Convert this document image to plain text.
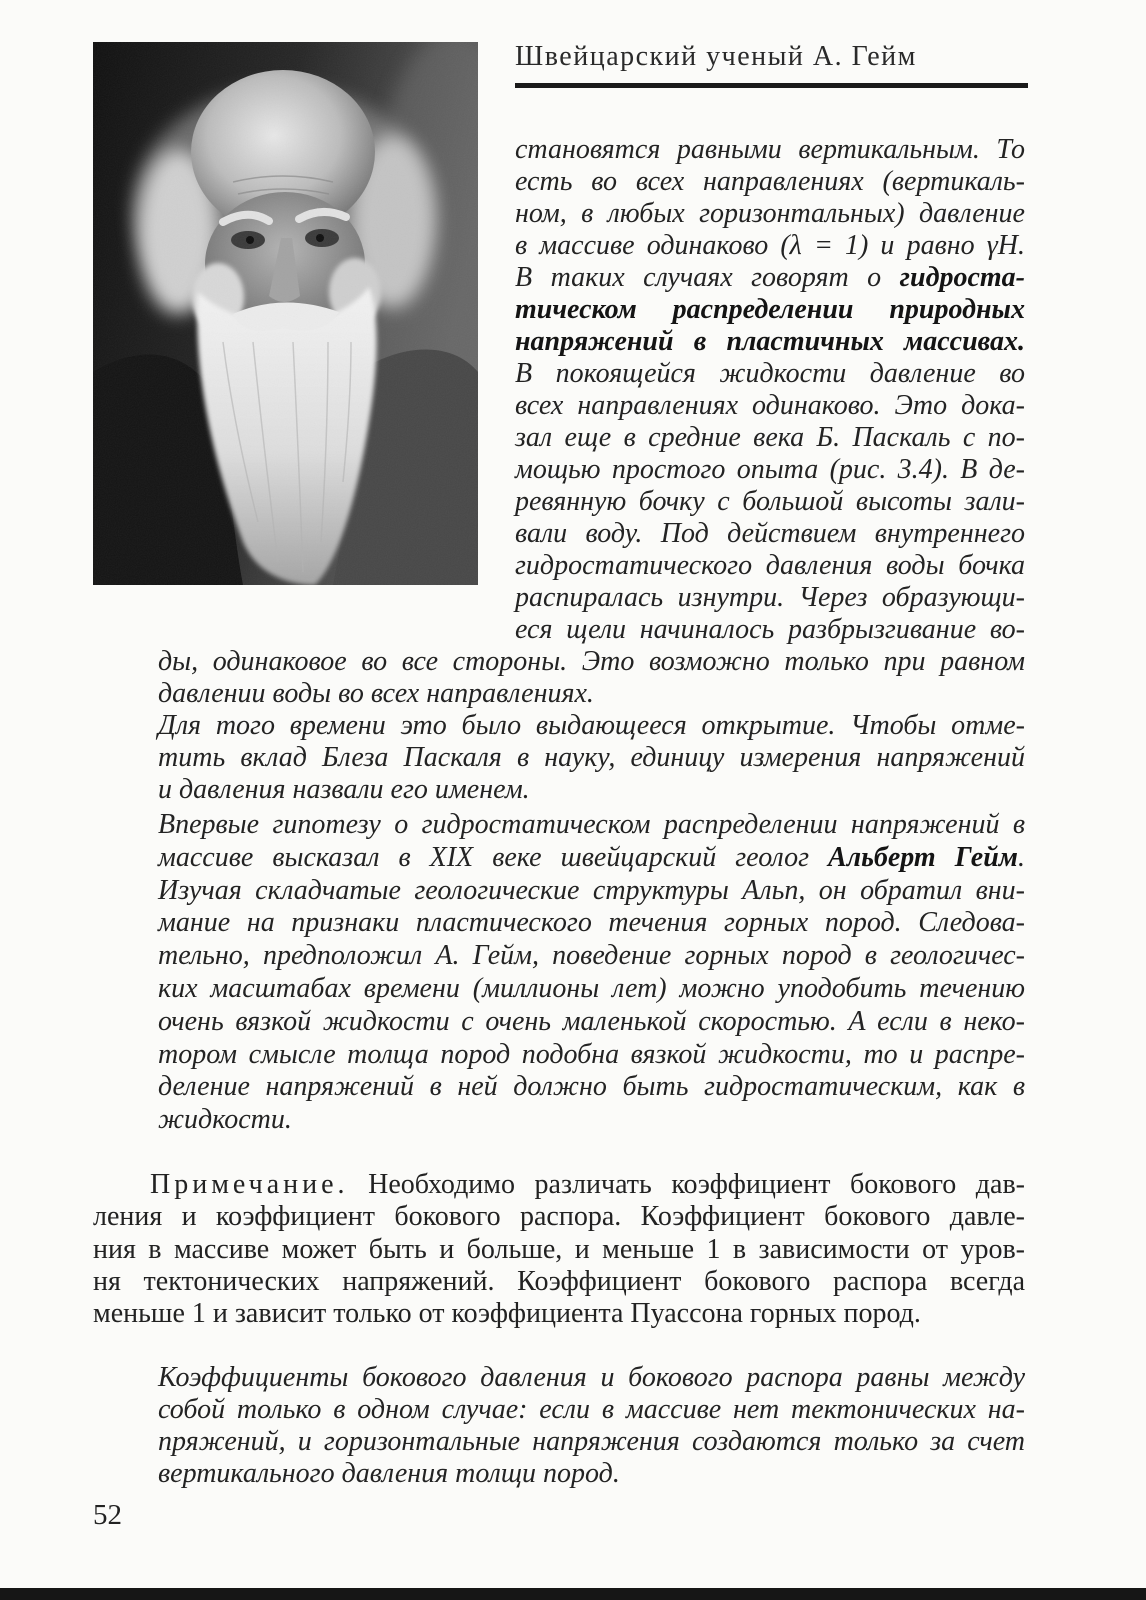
Швейцарский ученый А. Гейм
становятся равными вертикальным. То
есть во всех направлениях (вертикаль-
ном, в любых горизонтальных) давление
в массиве одинаково (λ = 1) и равно γH.
В таких случаях говорят о гидроста-
тическом распределении природных
напряжений в пластичных массивах.
В покоящейся жидкости давление во
всех направлениях одинаково. Это дока-
зал еще в средние века Б. Паскаль с по-
мощью простого опыта (рис. 3.4). В де-
ревянную бочку с большой высоты зали-
вали воду. Под действием внутреннего
гидростатического давления воды бочка
распиралась изнутри. Через образующи-
еся щели начиналось разбрызгивание во-
ды, одинаковое во все стороны. Это возможно только при равном
давлении воды во всех направлениях.
Для того времени это было выдающееся открытие. Чтобы отме-
тить вклад Блеза Паскаля в науку, единицу измерения напряжений
и давления назвали его именем.
Впервые гипотезу о гидростатическом распределении напряжений в
массиве высказал в XIX веке швейцарский геолог Альберт Гейм.
Изучая складчатые геологические структуры Альп, он обратил вни-
мание на признаки пластического течения горных пород. Следова-
тельно, предположил А. Гейм, поведение горных пород в геологичес-
ких масштабах времени (миллионы лет) можно уподобить течению
очень вязкой жидкости с очень маленькой скоростью. А если в неко-
тором смысле толща пород подобна вязкой жидкости, то и распре-
деление напряжений в ней должно быть гидростатическим, как в
жидкости.
Примечание. Необходимо различать коэффициент бокового дав-
ления и коэффициент бокового распора. Коэффициент бокового давле-
ния в массиве может быть и больше, и меньше 1 в зависимости от уров-
ня тектонических напряжений. Коэффициент бокового распора всегда
меньше 1 и зависит только от коэффициента Пуассона горных пород.
Коэффициенты бокового давления и бокового распора равны между
собой только в одном случае: если в массиве нет тектонических на-
пряжений, и горизонтальные напряжения создаются только за счет
вертикального давления толщи пород.
52
